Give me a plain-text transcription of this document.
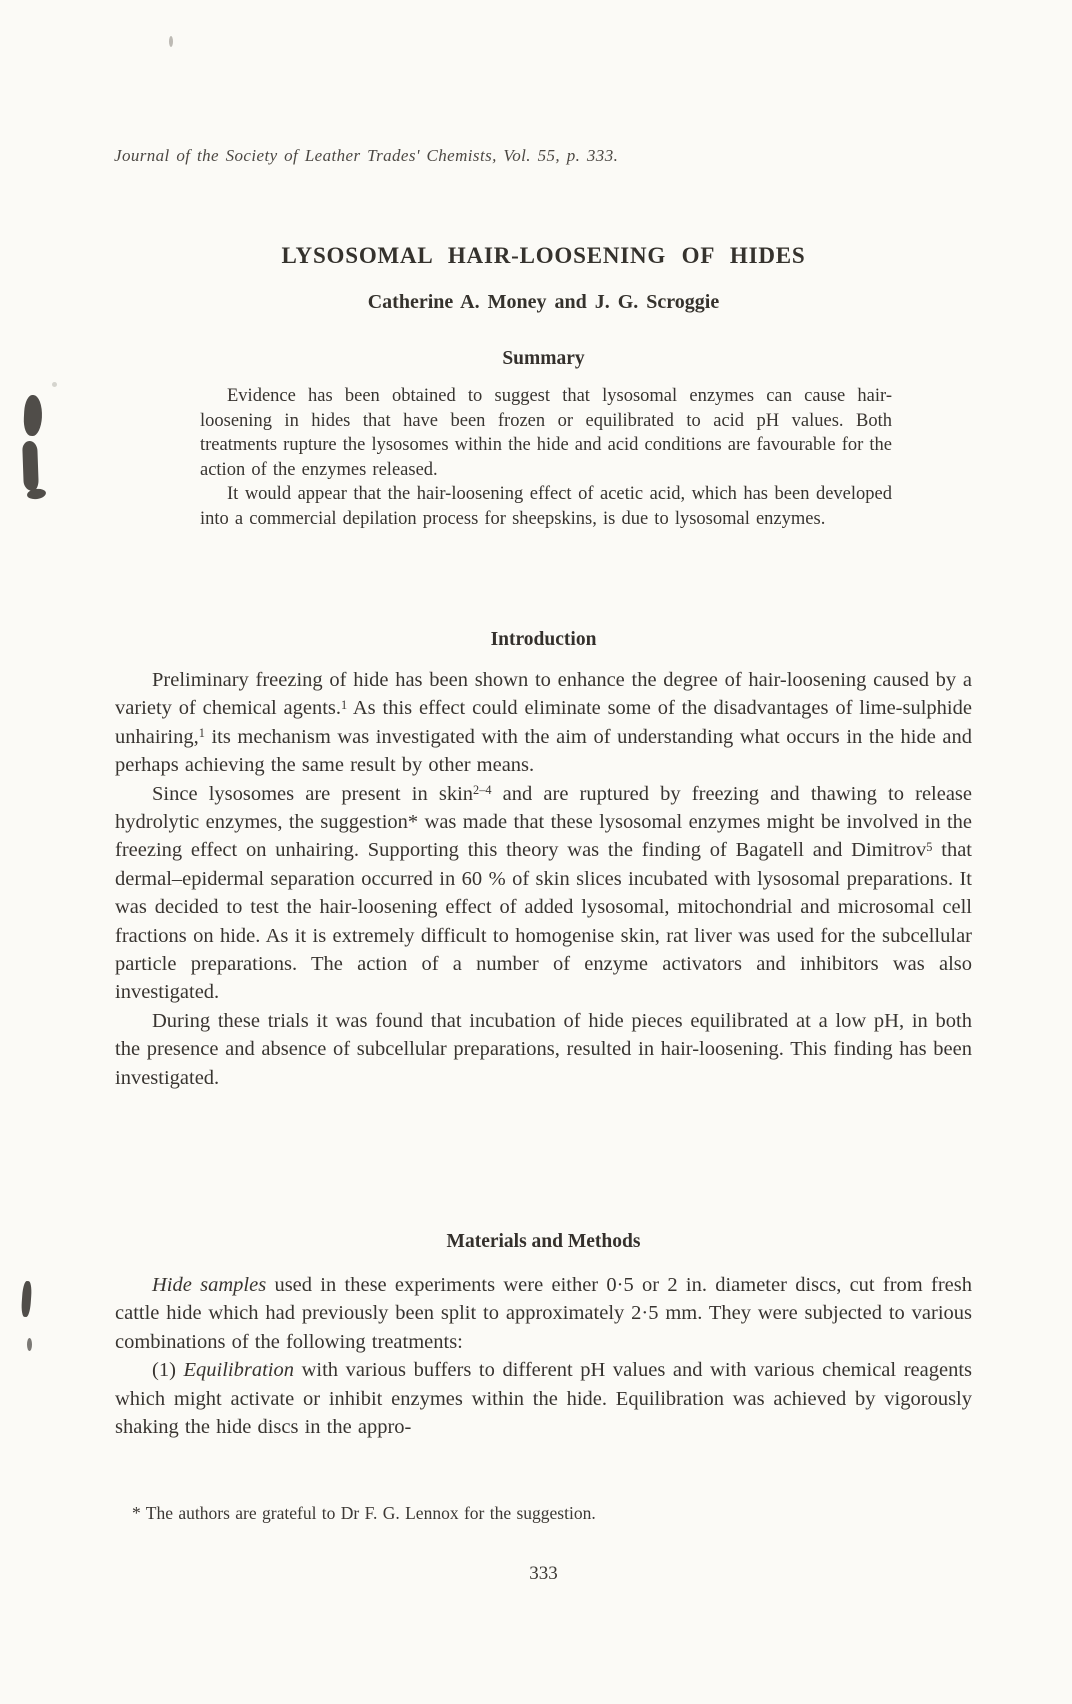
Journal of the Society of Leather Trades' Chemists, Vol. 55, p. 333.
LYSOSOMAL HAIR-LOOSENING OF HIDES
Catherine A. Money and J. G. Scroggie
Summary

Evidence has been obtained to suggest that lysosomal enzymes can cause hair-loosening in hides that have been frozen or equilibrated to acid pH values. Both treatments rupture the lysosomes within the hide and acid conditions are favourable for the action of the enzymes released.

It would appear that the hair-loosening effect of acetic acid, which has been developed into a commercial depilation process for sheepskins, is due to lysosomal enzymes.

Introduction

Preliminary freezing of hide has been shown to enhance the degree of hair-loosening caused by a variety of chemical agents.$^1$ As this effect could eliminate some of the disadvantages of lime-sulphide unhairing,$^1$ its mechanism was investigated with the aim of understanding what occurs in the hide and perhaps achieving the same result by other means.

Since lysosomes are present in skin$^{2-4}$ and are ruptured by freezing and thawing to release hydrolytic enzymes, the suggestion* was made that these lysosomal enzymes might be involved in the freezing effect on unhairing. Supporting this theory was the finding of Bagatell and Dimitrov$^5$ that dermal–epidermal separation occurred in 60 % of skin slices incubated with lysosomal preparations. It was decided to test the hair-loosening effect of added lysosomal, mitochondrial and microsomal cell fractions on hide. As it is extremely difficult to homogenise skin, rat liver was used for the subcellular particle preparations. The action of a number of enzyme activators and inhibitors was also investigated.

During these trials it was found that incubation of hide pieces equilibrated at a low pH, in both the presence and absence of subcellular preparations, resulted in hair-loosening. This finding has been investigated.

Materials and Methods

Hide samples used in these experiments were either 0·5 or 2 in. diameter discs, cut from fresh cattle hide which had previously been split to approximately 2·5 mm. They were subjected to various combinations of the following treatments:

(1) Equilibration with various buffers to different pH values and with various chemical reagents which might activate or inhibit enzymes within the hide. Equilibration was achieved by vigorously shaking the hide discs in the appro-

* The authors are grateful to Dr F. G. Lennox for the suggestion.
333
